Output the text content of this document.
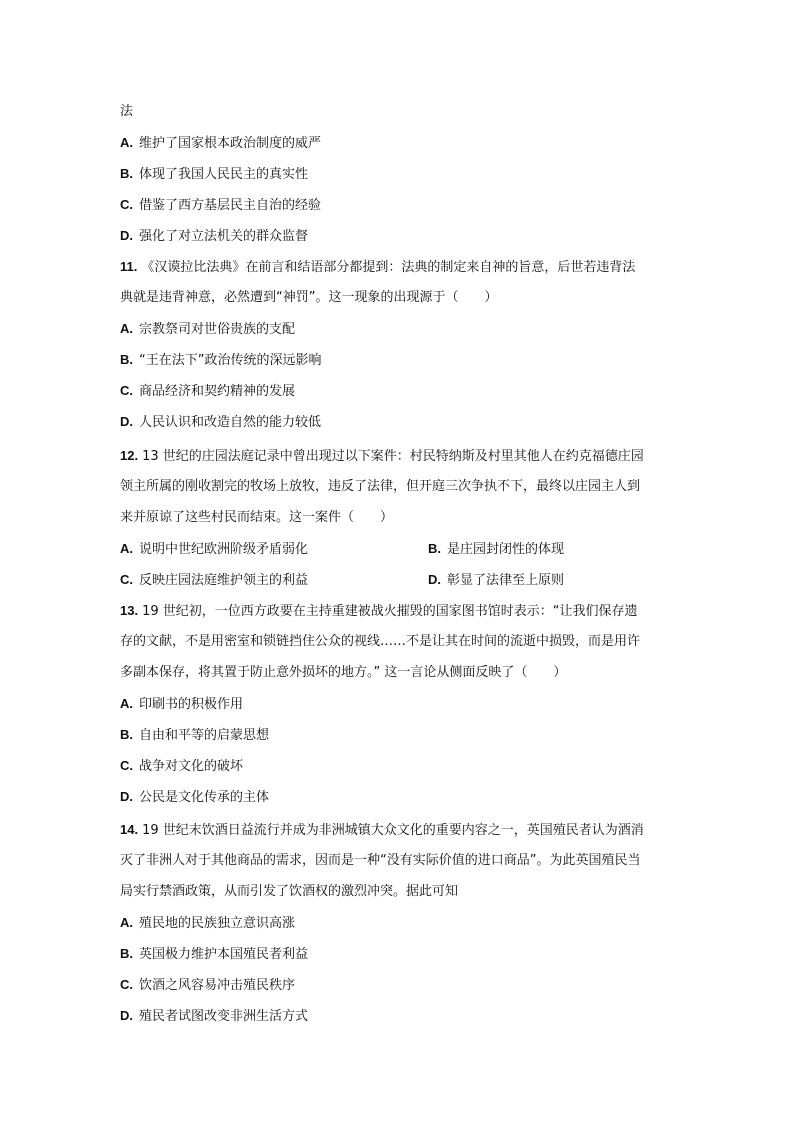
法
A. 维护了国家根本政治制度的威严
B. 体现了我国人民民主的真实性
C. 借鉴了西方基层民主自治的经验
D. 强化了对立法机关的群众监督
11. 《汉谟拉比法典》在前言和结语部分都提到：法典的制定来自神的旨意，后世若违背法
典就是违背神意，必然遭到“神罚”。这一现象的出现源于（　　）
A. 宗教祭司对世俗贵族的支配
B. “王在法下”政治传统的深远影响
C. 商品经济和契约精神的发展
D. 人民认识和改造自然的能力较低
12. 13 世纪的庄园法庭记录中曾出现过以下案件：村民特纳斯及村里其他人在约克福德庄园
领主所属的刚收割完的牧场上放牧，违反了法律，但开庭三次争执不下，最终以庄园主人到
来并原谅了这些村民而结束。这一案件（　　）
A. 说明中世纪欧洲阶级矛盾弱化	B. 是庄园封闭性的体现
C. 反映庄园法庭维护领主的利益	D. 彰显了法律至上原则
13. 19 世纪初，一位西方政要在主持重建被战火摧毁的国家图书馆时表示：“让我们保存遗
存的文献，不是用密室和锁链挡住公众的视线……不是让其在时间的流逝中损毁，而是用许
多副本保存，将其置于防止意外损坏的地方。” 这一言论从侧面反映了（　　）
A. 印刷书的积极作用
B. 自由和平等的启蒙思想
C. 战争对文化的破坏
D. 公民是文化传承的主体
14. 19 世纪末饮酒日益流行并成为非洲城镇大众文化的重要内容之一，英国殖民者认为酒消
灭了非洲人对于其他商品的需求，因而是一种“没有实际价值的进口商品”。为此英国殖民当
局实行禁酒政策，从而引发了饮酒权的激烈冲突。据此可知
A. 殖民地的民族独立意识高涨
B. 英国极力维护本国殖民者利益
C. 饮酒之风容易冲击殖民秩序
D. 殖民者试图改变非洲生活方式
